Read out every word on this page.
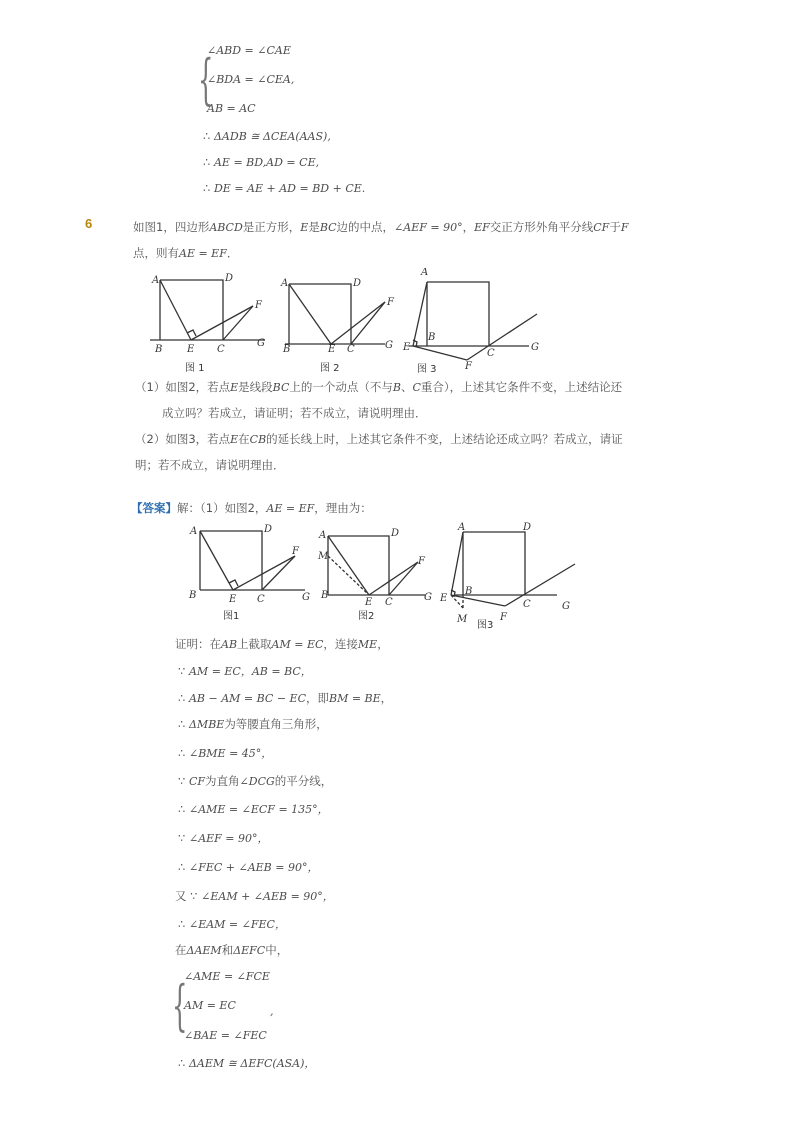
{
∠ABD = ∠CAE
∠BDA = ∠CEA,
AB = AC
∴ ΔADB ≅ ΔCEA(AAS),
∴ AE = BD,AD = CE,
∴ DE = AE + AD = BD + CE.
6	如图1，四边形ABCD是正方形，E是BC边的中点，∠AEF = 90°，EF交正方形外角平分线CF于F
点，则有AE = EF．
A	D
F
B E C
G
图 1
A	D
F
B	E C	G
图 2
A
B
E
C
G
F
图 3
（1）如图2，若点E是线段BC上的一个动点（不与B、C重合），上述其它条件不变，上述结论还
成立吗？若成立，请证明；若不成立，请说明理由．
（2）如图3，若点E在CB的延长线上时，上述其它条件不变，上述结论还成立吗？若成立，请证
明；若不成立，请说明理由．
【答案】解：（1）如图2，AE = EF，理由为：
A	D
F
B	E C	G
图1
A	D
F
M
B
E C	G
图2
A	D
B
E
C	G
F
M
图3
证明：在AB上截取AM = EC，连接ME，
∵ AM = EC，AB = BC，
∴ AB − AM = BC − EC，即BM = BE，
∴ ΔMBE为等腰直角三角形，
∴ ∠BME = 45°，
∵ CF为直角∠DCG的平分线，
∴ ∠AME = ∠ECF = 135°，
∵ ∠AEF = 90°，
∴ ∠FEC + ∠AEB = 90°，
又 ∵ ∠EAM + ∠AEB = 90°，
∴ ∠EAM = ∠FEC，
在ΔAEM和ΔEFC中，
{
∠AME = ∠FCE
AM = EC	,
∠BAE = ∠FEC
∴ ΔAEM ≅ ΔEFC(ASA)，
